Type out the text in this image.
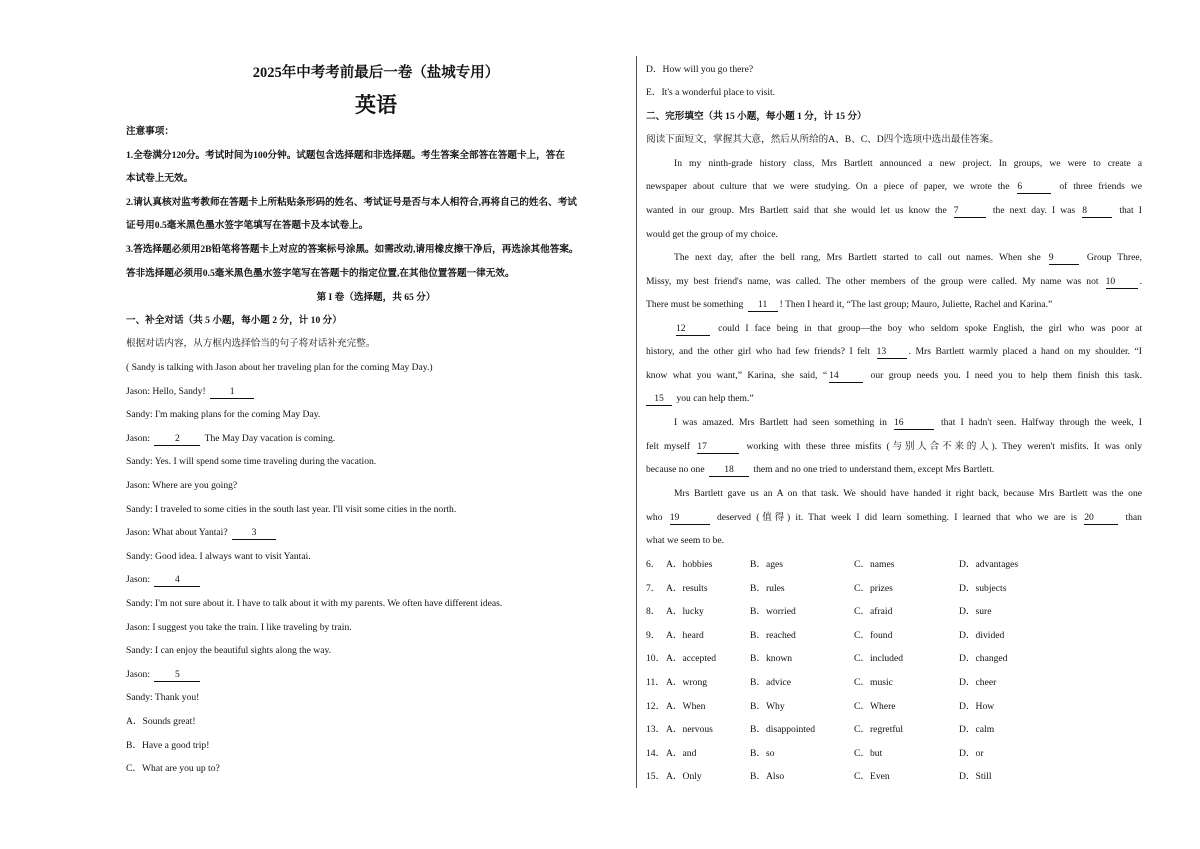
2025年中考考前最后一卷（盐城专用）
英语
注意事项：
1.全卷满分120分。考试时间为100分钟。试题包含选择题和非选择题。考生答案全部答在答题卡上，答在
本试卷上无效。
2.请认真核对监考教师在答题卡上所粘贴条形码的姓名、考试证号是否与本人相符合,再将自己的姓名、考试
证号用0.5毫米黑色墨水签字笔填写在答题卡及本试卷上。
3.答选择题必须用2B铅笔将答题卡上对应的答案标号涂黑。如需改动,请用橡皮擦干净后，再选涂其他答案。
答非选择题必须用0.5毫米黑色墨水签字笔写在答题卡的指定位置,在其他位置答题一律无效。
第 I 卷（选择题，共 65 分）
一、补全对话（共 5 小题，每小题 2 分，计 10 分）
根据对话内容，从方框内选择恰当的句子将对话补充完整。
( Sandy is talking with Jason about her traveling plan for the coming May Day.)
Jason: Hello, Sandy!	1
Sandy: I'm making plans for the coming May Day.
Jason:	2	The May Day vacation is coming.
Sandy: Yes. I will spend some time traveling during the vacation.
Jason: Where are you going?
Sandy: I traveled to some cities in the south last year. I'll visit some cities in the north.
Jason: What about Yantai?	3
Sandy: Good idea. I always want to visit Yantai.
Jason:	4
Sandy: I'm not sure about it. I have to talk about it with my parents. We often have different ideas.
Jason: I suggest you take the train. I like traveling by train.
Sandy: I can enjoy the beautiful sights along the way.
Jason:	5
Sandy: Thank you!
A．Sounds great!
B．Have a good trip!
C．What are you up to?
D．How will you go there?
E．It's a wonderful place to visit.
二、完形填空（共 15 小题，每小题 1 分，计 15 分）
阅读下面短文，掌握其大意，然后从所给的A、B、C、D四个选项中选出最佳答案。
In my ninth-grade history class, Mrs Bartlett announced a new project. In groups, we were to create a
newspaper about culture that we were studying. On a piece of paper, we wrote the 6	of three friends we
wanted in our group. Mrs Bartlett said that she would let us know the 7	the next day. I was 8	that I
would get the group of my choice.
The next day, after the bell rang, Mrs Bartlett started to call out names. When she 9	Group Three,
Missy, my best friend's name, was called. The other members of the group were called. My name was not 10	.
There must be something 11 ! Then I heard it, “The last group; Mauro, Juliette, Rachel and Karina.”
12	could I face being in that group—the boy who seldom spoke English, the girl who was poor at
history, and the other girl who had few friends? I felt 13 . Mrs Bartlett warmly placed a hand on my shoulder. “I
know what you want,” Karina, she said, “ 14	our group needs you. I need you to help them finish this task.
15 you can help them.”
I was amazed. Mrs Bartlett had seen something in 16	that I hadn't seen. Halfway through the week, I
felt myself 17	working with these three misfits (与别人合不来的人). They weren't misfits. It was only
because no one 18 them and no one tried to understand them, except Mrs Bartlett.
Mrs Bartlett gave us an A on that task. We should have handed it right back, because Mrs Bartlett was the one
who 19	deserved (值得) it. That week I did learn something. I learned that who we are is 20	than
what we seem to be.
6． A．hobbies	B．ages	C．names	D．advantages
7． A．results	B．rules	C．prizes	D．subjects
8． A．lucky	B．worried	C．afraid	D．sure
9． A．heard	B．reached	C．found	D．divided
10． A．accepted	B．known	C．included	D．changed
11． A．wrong	B．advice	C．music	D．cheer
12． A．When	B．Why	C．Where	D．How
13． A．nervous	B．disappointed	C．regretful	D．calm
14． A．and	B．so	C．but	D．or
15． A．Only	B．Also	C．Even	D．Still
